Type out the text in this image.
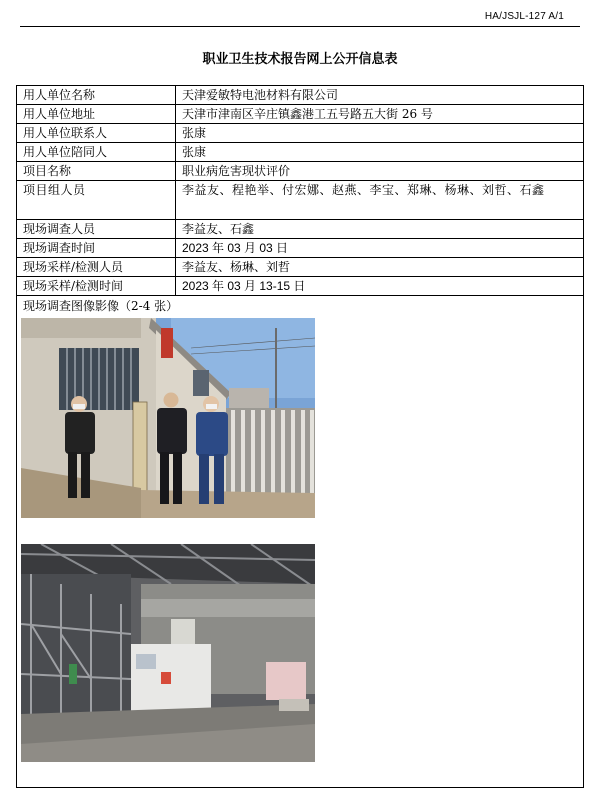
HA/JSJL-127 A/1
职业卫生技术报告网上公开信息表
用人单位名称	天津爱敏特电池材料有限公司
用人单位地址	天津市津南区辛庄镇鑫港工五号路五大街 26 号
用人单位联系人	张康
用人单位陪同人	张康
项目名称	职业病危害现状评价
项目组人员	李益友、程艳举、付宏娜、赵燕、李宝、郑琳、杨琳、刘哲、石鑫
现场调查人员	李益友、石鑫
现场调查时间	2023 年 03 月 03 日
现场采样/检测人员	李益友、杨琳、刘哲
现场采样/检测时间	2023 年 03 月 13-15 日

现场调查图像影像（2-4 张）	
